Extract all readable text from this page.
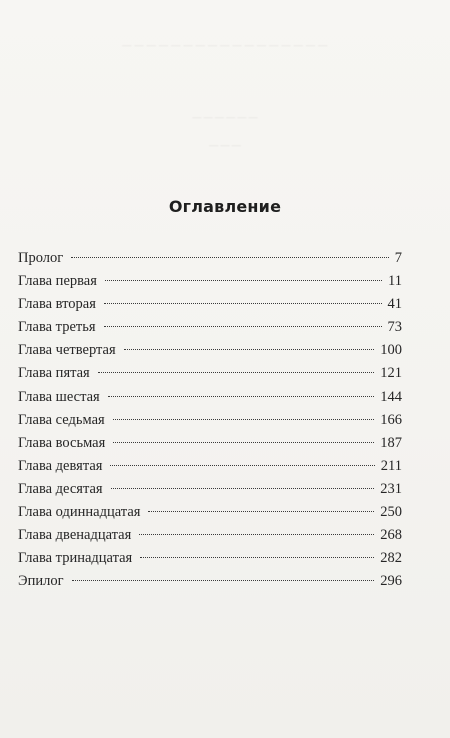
— — — — — — — — — — — — — — — — —
— — — — — —
— — —
Оглавление
Пролог	7
Глава первая	11
Глава вторая	41
Глава третья	73
Глава четвертая	100
Глава пятая	121
Глава шестая	144
Глава седьмая	166
Глава восьмая	187
Глава девятая	211
Глава десятая	231
Глава одиннадцатая	250
Глава двенадцатая	268
Глава тринадцатая	282
Эпилог	296
